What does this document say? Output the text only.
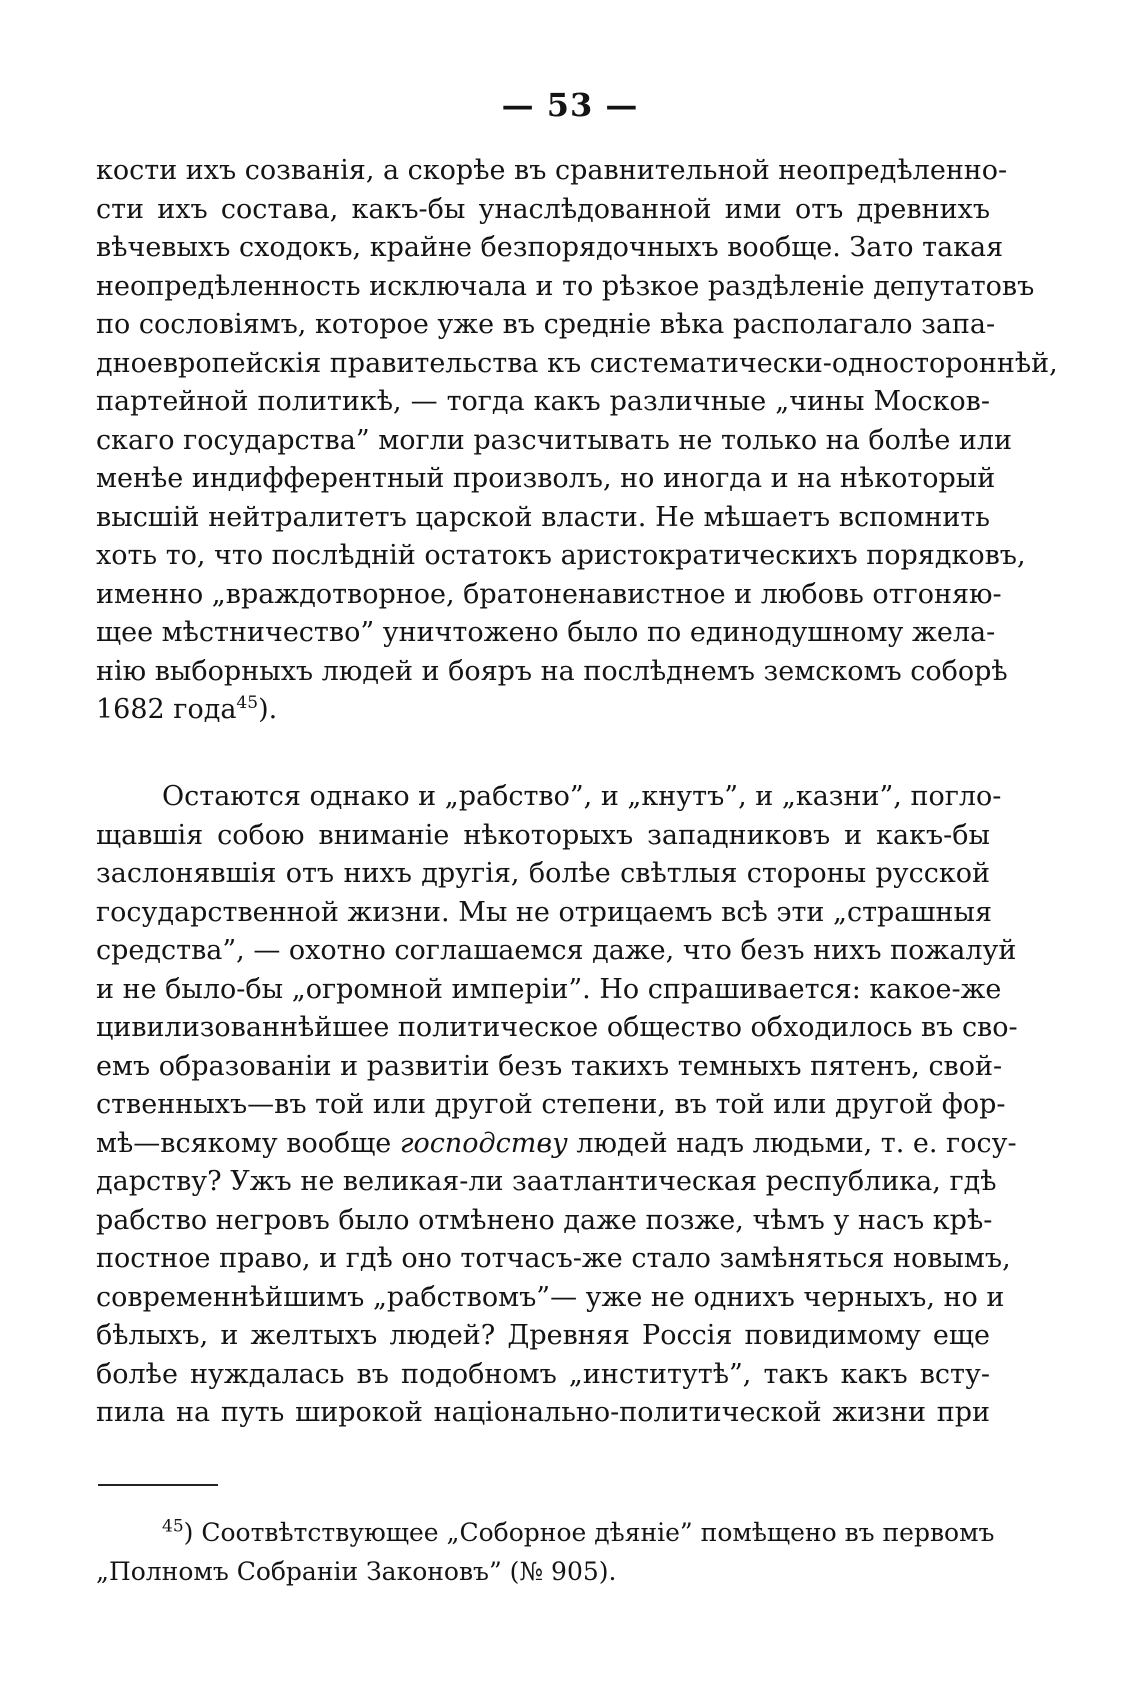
— 53 —
кости ихъ созванія, а скорѣе въ сравнительной неопредѣленно-
сти ихъ состава, какъ-бы унаслѣдованной ими отъ древнихъ
вѣчевыхъ сходокъ, крайне безпорядочныхъ вообще. Зато такая
неопредѣленность исключала и то рѣзкое раздѣленіе депутатовъ
по сословіямъ, которое уже въ средніе вѣка располагало запа-
дноевропейскія правительства къ систематически-одностороннѣй,
партейной политикѣ, — тогда какъ различные „чины Москов-
скаго государства” могли разсчитывать не только на болѣе или
менѣе индифферентный произволъ, но иногда и на нѣкоторый
высшій нейтралитетъ царской власти. Не мѣшаетъ вспомнить
хоть то, что послѣдній остатокъ аристократическихъ порядковъ,
именно „враждотворное, братоненавистное и любовь отгоняю-
щее мѣстничество” уничтожено было по единодушному жела-
нію выборныхъ людей и бояръ на послѣднемъ земскомъ соборѣ
1682 года$^{45}$).
Остаются однако и „рабство”, и „кнутъ”, и „казни”, погло-
щавшія собою вниманіе нѣкоторыхъ западниковъ и какъ-бы
заслонявшія отъ нихъ другія, болѣе свѣтлыя стороны русской
государственной жизни. Мы не отрицаемъ всѣ эти „страшныя
средства”, — охотно соглашаемся даже, что безъ нихъ пожалуй
и не было-бы „огромной имперіи”. Но спрашивается: какое-же
цивилизованнѣйшее политическое общество обходилось въ сво-
емъ образованіи и развитіи безъ такихъ темныхъ пятенъ, свой-
ственныхъ—въ той или другой степени, въ той или другой фор-
мѣ—всякому вообще господству людей надъ людьми, т. е. госу-
дарству? Ужъ не великая-ли заатлантическая республика, гдѣ
рабство негровъ было отмѣнено даже позже, чѣмъ у насъ крѣ-
постное право, и гдѣ оно тотчасъ-же стало замѣняться новымъ,
современнѣйшимъ „рабствомъ”— уже не однихъ черныхъ, но и
бѣлыхъ, и желтыхъ людей? Древняя Россія повидимому еще
болѣе нуждалась въ подобномъ „институтѣ”, такъ какъ всту-
пила на путь широкой національно-политической жизни при
$^{45}$) Соотвѣтствующее „Соборное дѣяніе” помѣщено въ первомъ
„Полномъ Собраніи Законовъ” (№ 905).
